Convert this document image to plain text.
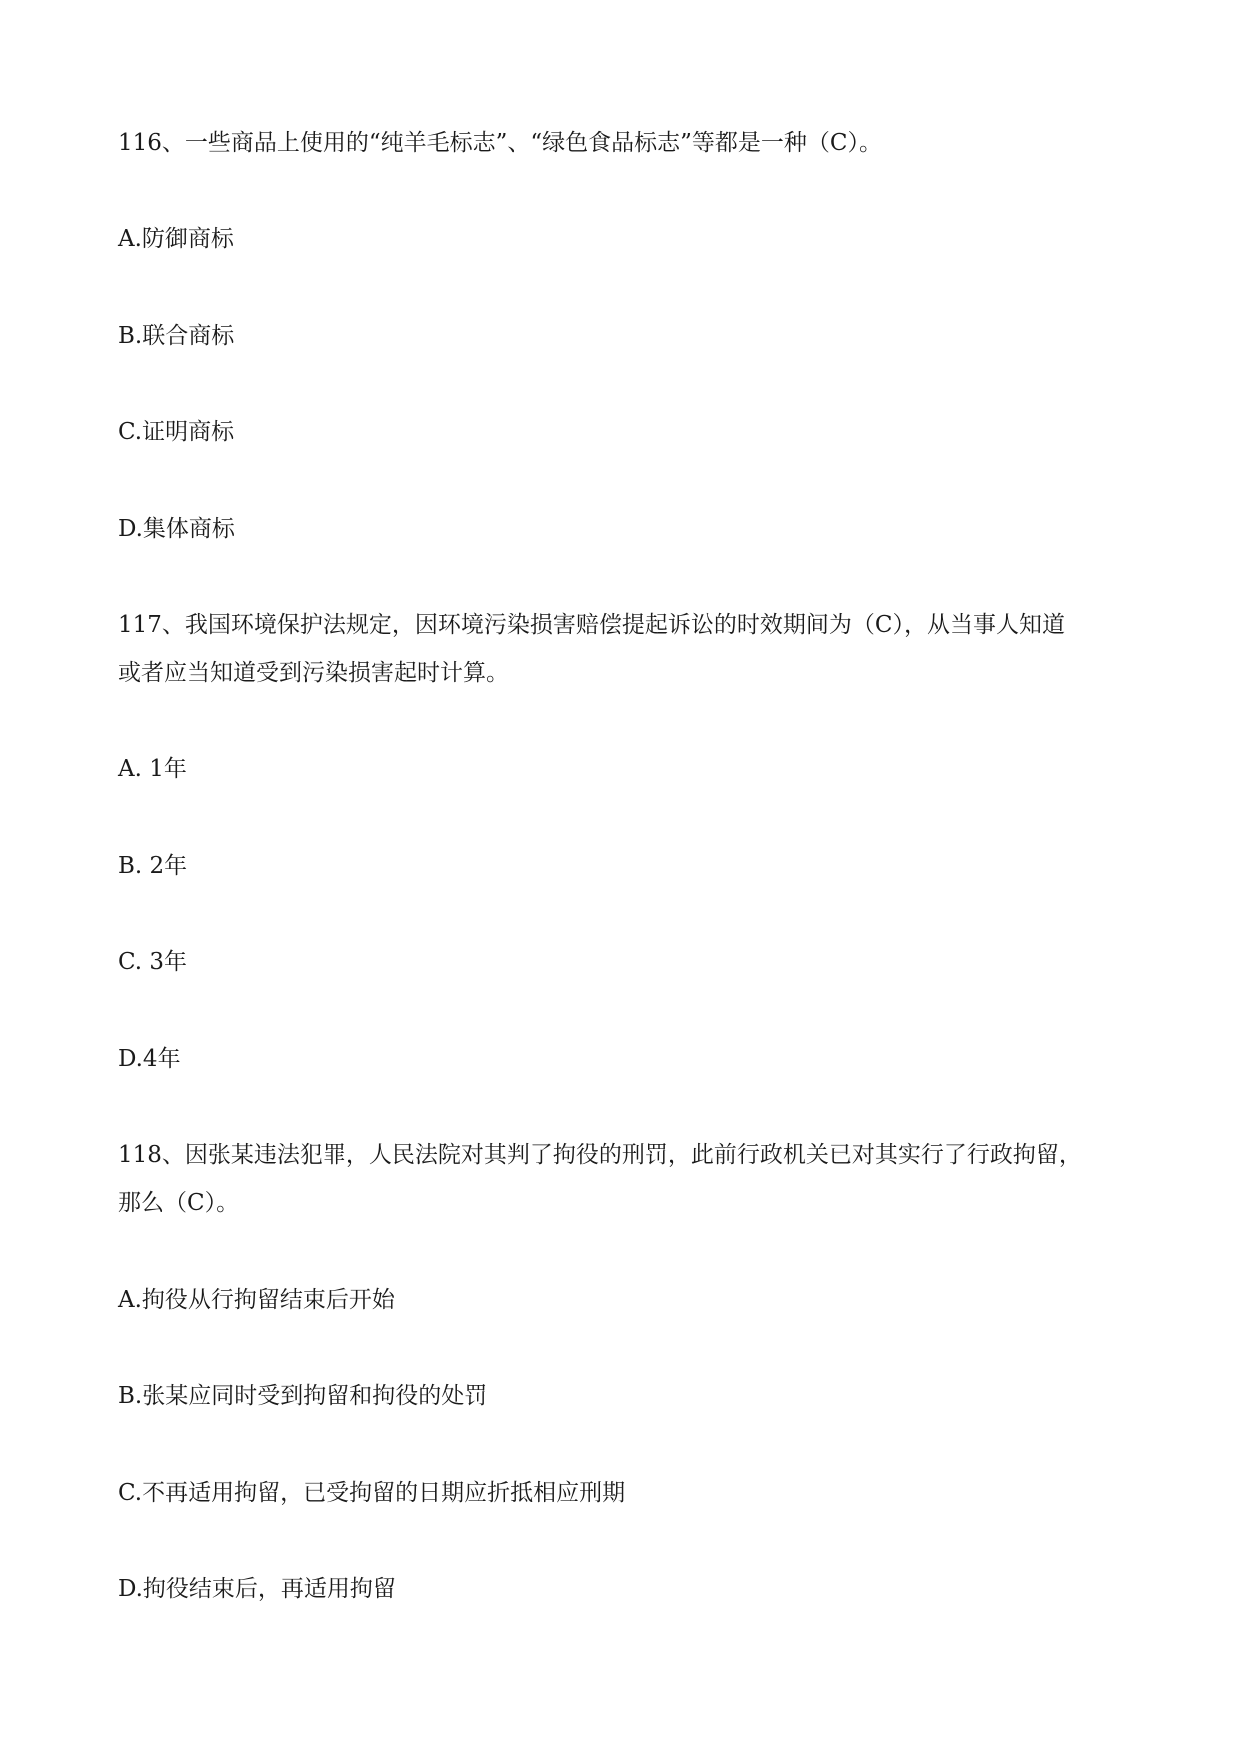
116、一些商品上使用的“纯羊毛标志”、“绿色食品标志”等都是一种（C）。
A.防御商标
B.联合商标
C.证明商标
D.集体商标
117、我国环境保护法规定，因环境污染损害赔偿提起诉讼的时效期间为（C），从当事人知道
或者应当知道受到污染损害起时计算。
A. 1年
B. 2年
C. 3年
D.4年
118、因张某违法犯罪，人民法院对其判了拘役的刑罚，此前行政机关已对其实行了行政拘留，
那么（C）。
A.拘役从行拘留结束后开始
B.张某应同时受到拘留和拘役的处罚
C.不再适用拘留，已受拘留的日期应折抵相应刑期
D.拘役结束后，再适用拘留
